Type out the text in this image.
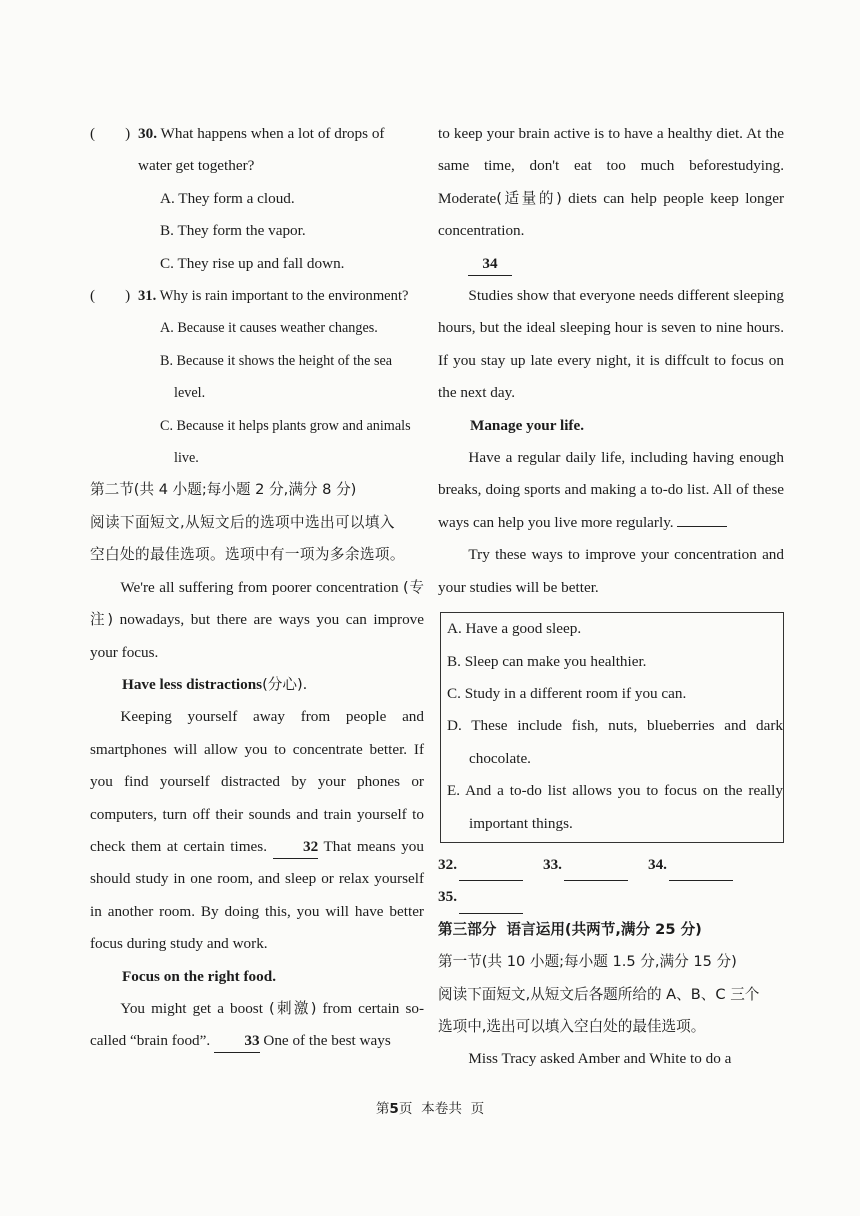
( ) 30. What happens when a lot of drops of

water get together?

A. They form a cloud.

B. They form the vapor.

C. They rise up and fall down.

( ) 31. Why is rain important to the environment?

A. Because it causes weather changes.

B. Because it shows the height of the sea

level.

C. Because it helps plants grow and animals

live.

第二节(共 4 小题;每小题 2 分,满分 8 分)

阅读下面短文,从短文后的选项中选出可以填入

空白处的最佳选项。选项中有一项为多余选项。

We're all suffering from poorer concentration (专注) nowadays, but there are ways you can improve your focus.

Have less distractions(分心).

Keeping yourself away from people and smartphones will allow you to concentrate better. If you find yourself distracted by your phones or computers, turn off their sounds and train yourself to check them at certain times. 32 That means you should study in one room, and sleep or relax yourself in another room. By doing this, you will have better focus during study and work.

Focus on the right food.

You might get a boost (刺激) from certain so-called “brain food”. 33 One of the best ways

to keep your brain active is to have a healthy diet. At the same time, don't eat too much beforestudying. Moderate(适量的) diets can help people keep longer concentration.

34

Studies show that everyone needs different sleeping hours, but the ideal sleeping hour is seven to nine hours. If you stay up late every night, it is diffcult to focus on the next day.

Manage your life.

Have a regular daily life, including having enough breaks, doing sports and making a to-do list. All of these ways can help you live more regularly.

Try these ways to improve your concentration and your studies will be better.

A. Have a good sleep.

B. Sleep can make you healthier.

C. Study in a different room if you can.

D. These include fish, nuts, blueberries and dark chocolate.

E. And a to-do list allows you to focus on the really important things.

32.	33.	34.
35.

第三部分  语言运用(共两节,满分 25 分)

第一节(共 10 小题;每小题 1.5 分,满分 15 分)

阅读下面短文,从短文后各题所给的 A、B、C 三个

选项中,选出可以填入空白处的最佳选项。

Miss Tracy asked Amber and White to do a

第5页 本卷共  页
